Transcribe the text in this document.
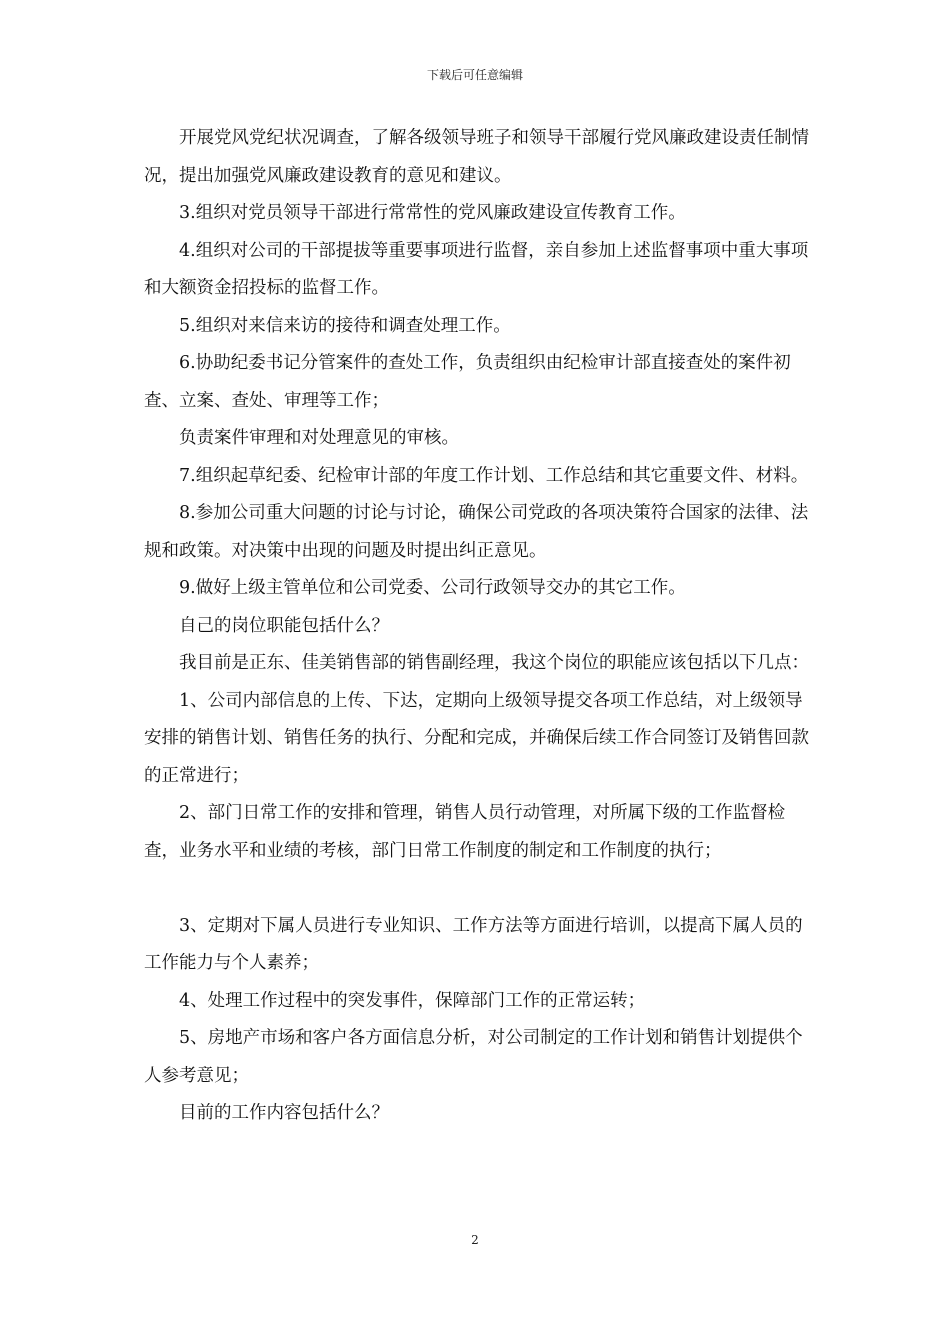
下载后可任意编辑

开展党风党纪状况调查，了解各级领导班子和领导干部履行党风廉政建设责任制情况，提出加强党风廉政建设教育的意见和建议。

3.组织对党员领导干部进行常常性的党风廉政建设宣传教育工作。

4.组织对公司的干部提拔等重要事项进行监督，亲自参加上述监督事项中重大事项和大额资金招投标的监督工作。

5.组织对来信来访的接待和调查处理工作。

6.协助纪委书记分管案件的查处工作，负责组织由纪检审计部直接查处的案件初查、立案、查处、审理等工作；

负责案件审理和对处理意见的审核。

7.组织起草纪委、纪检审计部的年度工作计划、工作总结和其它重要文件、材料。

8.参加公司重大问题的讨论与讨论，确保公司党政的各项决策符合国家的法律、法规和政策。对决策中出现的问题及时提出纠正意见。

9.做好上级主管单位和公司党委、公司行政领导交办的其它工作。

自己的岗位职能包括什么？

我目前是正东、佳美销售部的销售副经理，我这个岗位的职能应该包括以下几点：

1、公司内部信息的上传、下达，定期向上级领导提交各项工作总结，对上级领导安排的销售计划、销售任务的执行、分配和完成，并确保后续工作合同签订及销售回款的正常进行；

2、部门日常工作的安排和管理，销售人员行动管理，对所属下级的工作监督检查，业务水平和业绩的考核，部门日常工作制度的制定和工作制度的执行；

3、定期对下属人员进行专业知识、工作方法等方面进行培训，以提高下属人员的工作能力与个人素养；

4、处理工作过程中的突发事件，保障部门工作的正常运转；

5、房地产市场和客户各方面信息分析，对公司制定的工作计划和销售计划提供个人参考意见；

目前的工作内容包括什么？

2
